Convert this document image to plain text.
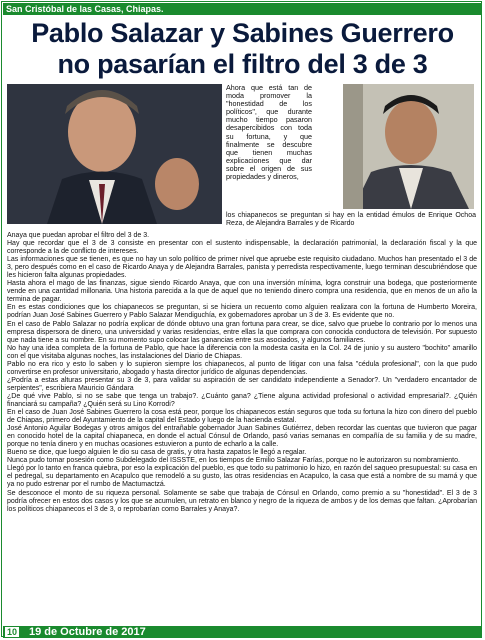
San Cristóbal de las Casas, Chiapas.
Pablo Salazar y Sabines Guerrero
no pasarían el filtro del 3 de 3
Ahora que está tan de moda promover la "honestidad de los políticos", que durante mucho tiempo pasaron desapercibidos con toda su fortuna, y que finalmente se descubre que tienen muchas explicaciones que dar sobre el origen de sus propiedades y dineros,
los chiapanecos se preguntan si hay en la entidad émulos de Enrique Ochoa Reza, de Alejandra Barrales y de Ricardo

Anaya que puedan aprobar el filtro del 3 de 3.

Hay que recordar que el 3 de 3 consiste en presentar con el sustento indispensable, la declaración patrimonial, la declaración fiscal y la que corresponde a la de conflicto de intereses.

Las informaciones que se tienen, es que no hay un solo político de primer nivel que apruebe este requisito ciudadano. Muchos han presentado el 3 de 3, pero después como en el caso de Ricardo Anaya y de Alejandra Barrales, panista y perredista respectivamente, luego terminan descubriéndose que les hicieron falta algunas propiedades.

Hasta ahora el mago de las finanzas, sigue siendo Ricardo Anaya, que con una inversión mínima, logra construir una bodega, que posteriormente vende en una cantidad millonaria. Una historia parecida a la que de aquel que no teniendo dinero compra una residencia, que en menos de un año la termina de pagar.

En es estas condiciones que los chiapanecos se preguntan, si se hiciera un recuento como alguien realizara con la fortuna de Humberto Moreira, podrían Juan José Sabines Guerrero y Pablo Salazar Mendiguchía, ex gobernadores aprobar un 3 de 3. Es evidente que no.

En el caso de Pablo Salazar no podría explicar de dónde obtuvo una gran fortuna para crear, se dice, salvo que pruebe lo contrario por lo menos una empresa dispersora de dinero, una universidad y varias residencias, entre ellas la que comprara con conocida conductora de televisión. Por supuesto que nada tiene a su nombre. En su momento supo colocar las ganancias entre sus asociados, y algunos familiares.

No hay una idea completa de la fortuna de Pablo, que hace la diferencia con la modesta casita en la Col. 24 de junio y su austero "bochito" amarillo con el que visitaba algunas noches, las instalaciones del Diario de Chiapas.

Pablo no era rico y esto lo saben y lo supieron siempre los chiapanecos, al punto de litigar con una falsa "cédula profesional", con la que pudo convertirse en profesor universitario, abogado y hasta director jurídico de algunas dependencias.

¿Podría a estas alturas presentar su 3 de 3, para validar su aspiración de ser candidato independiente a Senador?. Un "verdadero encantador de serpientes", escribiera Mauricio Gándara

¿De qué vive Pablo, si no se sabe que tenga un trabajo?. ¿Cuánto gana? ¿Tiene alguna actividad profesional o actividad empresarial?. ¿Quién financiará su campaña? ¿Quién será su Lino Korrodi?

En el caso de Juan José Sabines Guerrero la cosa está peor, porque los chiapanecos están seguros que toda su fortuna la hizo con dinero del pueblo de Chiapas, primero del Ayuntamiento de la capital del Estado y luego de la hacienda estatal.

José Antonio Aguilar Bodegas y otros amigos del entrañable gobernador Juan Sabines Gutiérrez, deben recordar las cuentas que tuvieron que pagar en conocido hotel de la capital chiapaneca, en donde el actual Cónsul de Orlando, pasó varias semanas en compañía de su familia y de su madre, porque no tenía dinero y en muchas ocasiones estuvieron a punto de echarlo a la calle.

Bueno se dice, que luego alguien le dio su casa de gratis, y otra hasta zapatos le llegó a regalar.

Nunca pudo tomar posesión como Subdelegado del ISSSTE, en los tiempos de Emilio Salazar Farías, porque no le autorizaron su nombramiento.

Llegó por lo tanto en franca quiebra, por eso la explicación del pueblo, es que todo su patrimonio lo hizo, en razón del saqueo presupuestal: su casa en el pedregal, su departamento en Acapulco que remodeló a su gusto, las otras residencias en Acapulco, la casa que está a nombre de su mamá y que ya no pudo estrenar por el rumbo de Mactumactzá.

Se desconoce el monto de su riqueza personal. Solamente se sabe que trabaja de Cónsul en Orlando, como premio a su "honestidad". El 3 de 3 podría ofrecer en estos dos casos y los que se acumulen, un retrato en blanco y negro de la riqueza de ambos y de los demas que faltan. ¿Aprobarían los políticos chiapanecos el 3 de 3, o reprobarían como Barrales y Anaya?.

10 19 de Octubre de 2017
